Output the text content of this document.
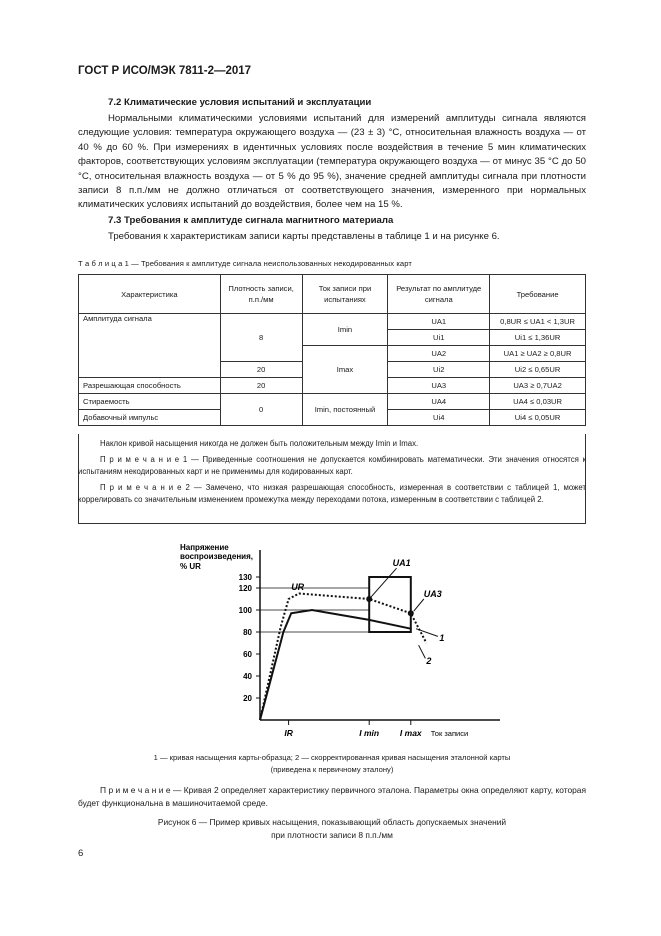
ГОСТ Р ИСО/МЭК 7811-2—2017
7.2 Климатические условия испытаний и эксплуатации

Нормальными климатическими условиями испытаний для измерений амплитуды сигнала являются следующие условия: температура окружающего воздуха — (23 ± 3) °С, относительная влажность воздуха — от 40 % до 60 %. При измерениях в идентичных условиях после воздействия в течение 5 мин климатических факторов, соответствующих условиям эксплуатации (температура окружающего воздуха — от минус 35 °С до 50 °С, относительная влажность воздуха — от 5 % до 95 %), значение средней амплитуды сигнала при плотности записи 8 п.п./мм не должно отличаться от соответствующего значения, измеренного при нормальных климатических условиях испытаний до воздействия, более чем на 15 %.

7.3 Требования к амплитуде сигнала магнитного материала

Требования к характеристикам записи карты представлены в таблице 1 и на рисунке 6.

Т а б л и ц а 1 — Требования к амплитуде сигнала неиспользованных некодированных карт
Характеристика	Плотность записи, п.п./мм	Ток записи при испытаниях	Результат по амплитуде сигнала	Требование
Амплитуда сигнала	8	Imin	UA1	0,8UR ≤ UA1 < 1,3UR
			Ui1	Ui1 ≤ 1,36UR
		Imax	UA2	UA1 ≥ UA2 ≥ 0,8UR
	20		Ui2	Ui2 ≤ 0,65UR
Разрешающая способность	20		UA3	UA3 ≥ 0,7UA2
Стираемость	0	Imin, постоянный	UA4	UA4 ≤ 0,03UR
Добавочный импульс			Ui4	Ui4 ≤ 0,05UR

Наклон кривой насыщения никогда не должен быть положительным между Imin и Imax.

П р и м е ч а н и е 1 — Приведенные соотношения не допускается комбинировать математически. Эти значения относятся к испытаниям некодированных карт и не применимы для кодированных карт.

П р и м е ч а н и е 2 — Замечено, что низкая разрешающая способность, измеренная в соответствии с таблицей 1, может коррелировать со значительным изменением промежутка между переходами потока, измеренным в соответствии с таблицей 2.

Напряжение
воспроизведения,
% UR
20
40
60
80
100
120
130
IR	I min I max Ток записи
UR
UA1
UA3
1
2
1 — кривая насыщения карты-образца; 2 — скорректированная кривая насыщения эталонной карты
(приведена к первичному эталону)
П р и м е ч а н и е — Кривая 2 определяет характеристику первичного эталона. Параметры окна определяют карту, которая будет функциональна в машиночитаемой среде.
Рисунок 6 — Пример кривых насыщения, показывающий область допускаемых значений
при плотности записи 8 п.п./мм
6
